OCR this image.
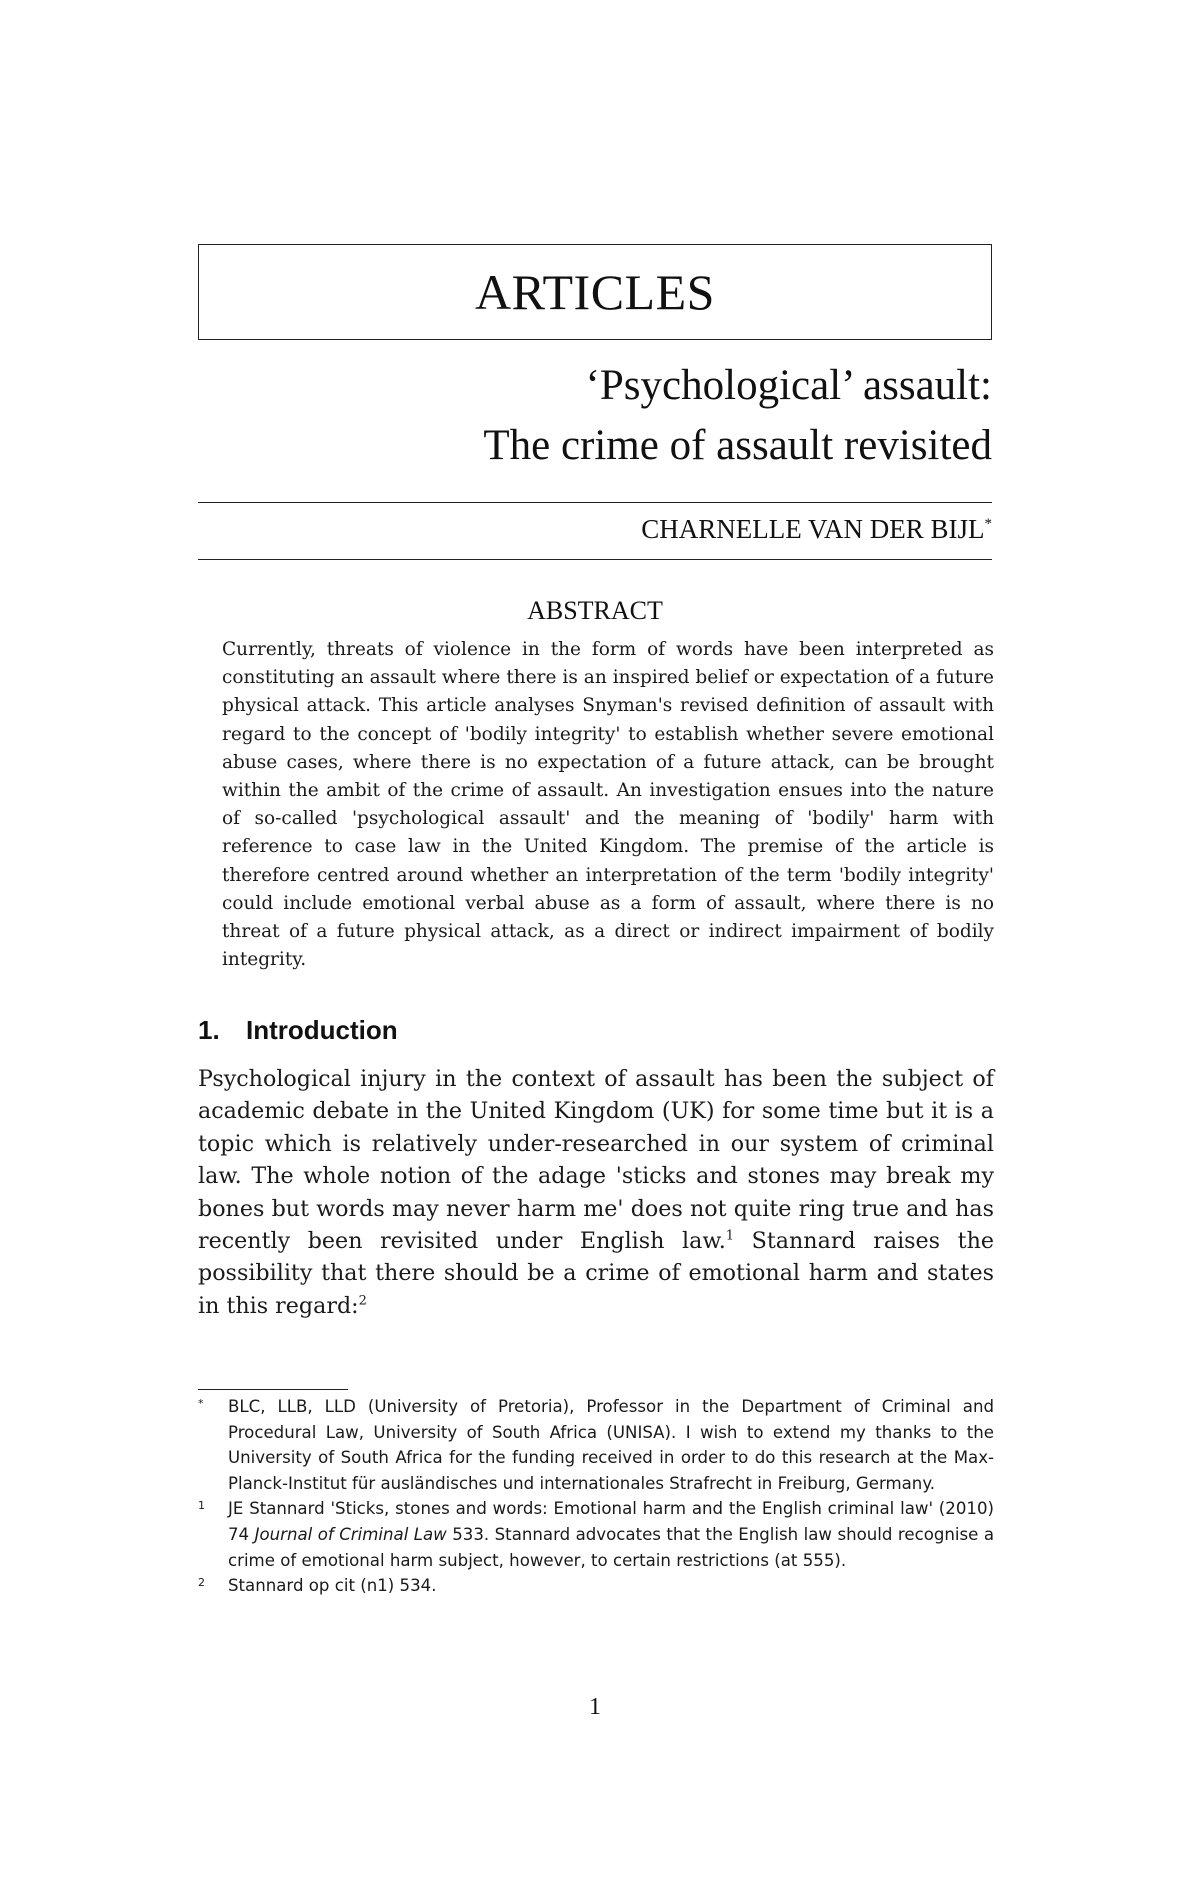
ARTICLES
‘Psychological’ assault:
The crime of assault revisited
CHARNELLE VAN DER BIJL*
ABSTRACT
Currently, threats of violence in the form of words have been interpreted as constituting an assault where there is an inspired belief or expectation of a future physical attack. This article analyses Snyman's revised definition of assault with regard to the concept of 'bodily integrity' to establish whether severe emotional abuse cases, where there is no expectation of a future attack, can be brought within the ambit of the crime of assault. An investigation ensues into the nature of so-called 'psychological assault' and the meaning of 'bodily' harm with reference to case law in the United Kingdom. The premise of the article is therefore centred around whether an interpretation of the term 'bodily integrity' could include emotional verbal abuse as a form of assault, where there is no threat of a future physical attack, as a direct or indirect impairment of bodily integrity.
1. Introduction
Psychological injury in the context of assault has been the subject of academic debate in the United Kingdom (UK) for some time but it is a topic which is relatively under-researched in our system of criminal law. The whole notion of the adage 'sticks and stones may break my bones but words may never harm me' does not quite ring true and has recently been revisited under English law.$^1$ Stannard raises the possibility that there should be a crime of emotional harm and states in this regard:$^2$
*	BLC, LLB, LLD (University of Pretoria), Professor in the Department of Criminal and Procedural Law, University of South Africa (UNISA). I wish to extend my thanks to the University of South Africa for the funding received in order to do this research at the Max-Planck-Institut für ausländisches und internationales Strafrecht in Freiburg, Germany.
1	JE Stannard 'Sticks, stones and words: Emotional harm and the English criminal law' (2010) 74 Journal of Criminal Law 533. Stannard advocates that the English law should recognise a crime of emotional harm subject, however, to certain restrictions (at 555).
2	Stannard op cit (n1) 534.
1
